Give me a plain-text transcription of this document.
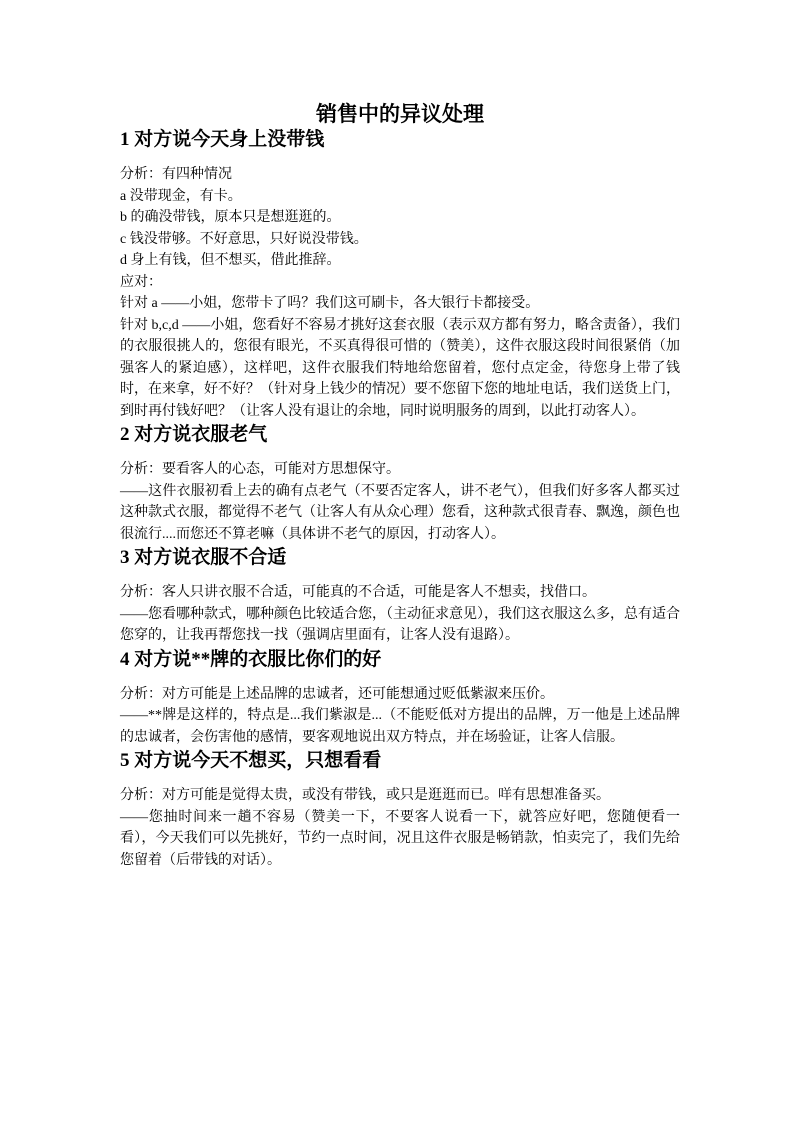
销售中的异议处理
1 对方说今天身上没带钱

分析：有四种情况

a 没带现金，有卡。

b 的确没带钱，原本只是想逛逛的。

c 钱没带够。不好意思，只好说没带钱。

d 身上有钱，但不想买，借此推辞。

应对：

针对 a ——小姐，您带卡了吗？我们这可刷卡，各大银行卡都接受。

针对 b,c,d ——小姐，您看好不容易才挑好这套衣服（表示双方都有努力，略含责备），我们的衣服很挑人的，您很有眼光，不买真得很可惜的（赞美），这件衣服这段时间很紧俏（加强客人的紧迫感），这样吧，这件衣服我们特地给您留着，您付点定金，待您身上带了钱时，在来拿，好不好？（针对身上钱少的情况）要不您留下您的地址电话，我们送货上门，到时再付钱好吧？（让客人没有退让的余地，同时说明服务的周到，以此打动客人）。

2 对方说衣服老气

分析：要看客人的心态，可能对方思想保守。

——这件衣服初看上去的确有点老气（不要否定客人，讲不老气），但我们好多客人都买过这种款式衣服，都觉得不老气（让客人有从众心理）您看，这种款式很青春、飘逸，颜色也很流行....而您还不算老嘛（具体讲不老气的原因，打动客人）。

3 对方说衣服不合适

分析：客人只讲衣服不合适，可能真的不合适，可能是客人不想卖，找借口。

——您看哪种款式，哪种颜色比较适合您，（主动征求意见），我们这衣服这么多，总有适合您穿的，让我再帮您找一找（强调店里面有，让客人没有退路）。

4 对方说**牌的衣服比你们的好

分析：对方可能是上述品牌的忠诚者，还可能想通过贬低紫淑来压价。

——**牌是这样的，特点是...我们紫淑是...（不能贬低对方提出的品牌，万一他是上述品牌的忠诚者，会伤害他的感情，要客观地说出双方特点，并在场验证，让客人信服。

5 对方说今天不想买，只想看看

分析：对方可能是觉得太贵，或没有带钱，或只是逛逛而已。咩有思想准备买。

——您抽时间来一趟不容易（赞美一下，不要客人说看一下，就答应好吧，您随便看一看），今天我们可以先挑好，节约一点时间，况且这件衣服是畅销款，怕卖完了，我们先给您留着（后带钱的对话）。
